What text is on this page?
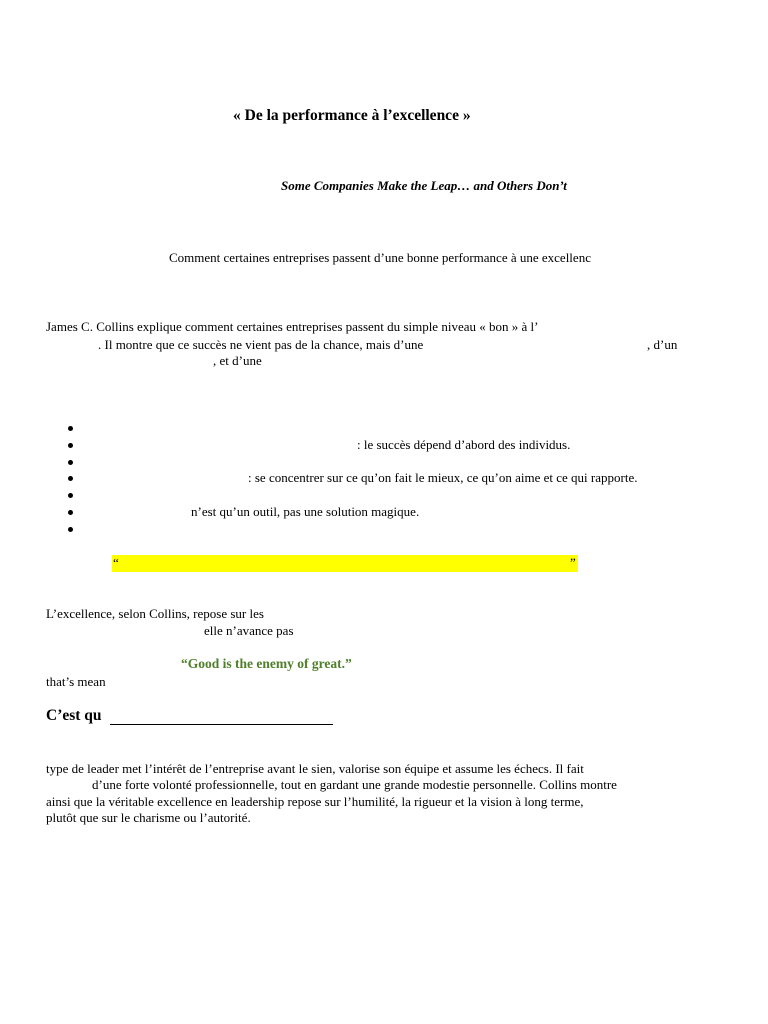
« De la performance à l’excellence »
Some Companies Make the Leap… and Others Don’t
Comment certaines entreprises passent d’une bonne performance à une excellenc
James C. Collins explique comment certaines entreprises passent du simple niveau « bon » à l’
. Il montre que ce succès ne vient pas de la chance, mais d’une	, d’un
, et d’une
: le succès dépend d’abord des individus.
: se concentrer sur ce qu’on fait le mieux, ce qu’on aime et ce qui rapporte.
n’est qu’un outil, pas une solution magique.
“	”
L’excellence, selon Collins, repose sur les
elle n’avance pas
“Good is the enemy of great.”
that’s mean
C’est qu
type de leader met l’intérêt de l’entreprise avant le sien, valorise son équipe et assume les échecs. Il fait
d’une forte volonté professionnelle, tout en gardant une grande modestie personnelle. Collins montre
ainsi que la véritable excellence en leadership repose sur l’humilité, la rigueur et la vision à long terme,
plutôt que sur le charisme ou l’autorité.
